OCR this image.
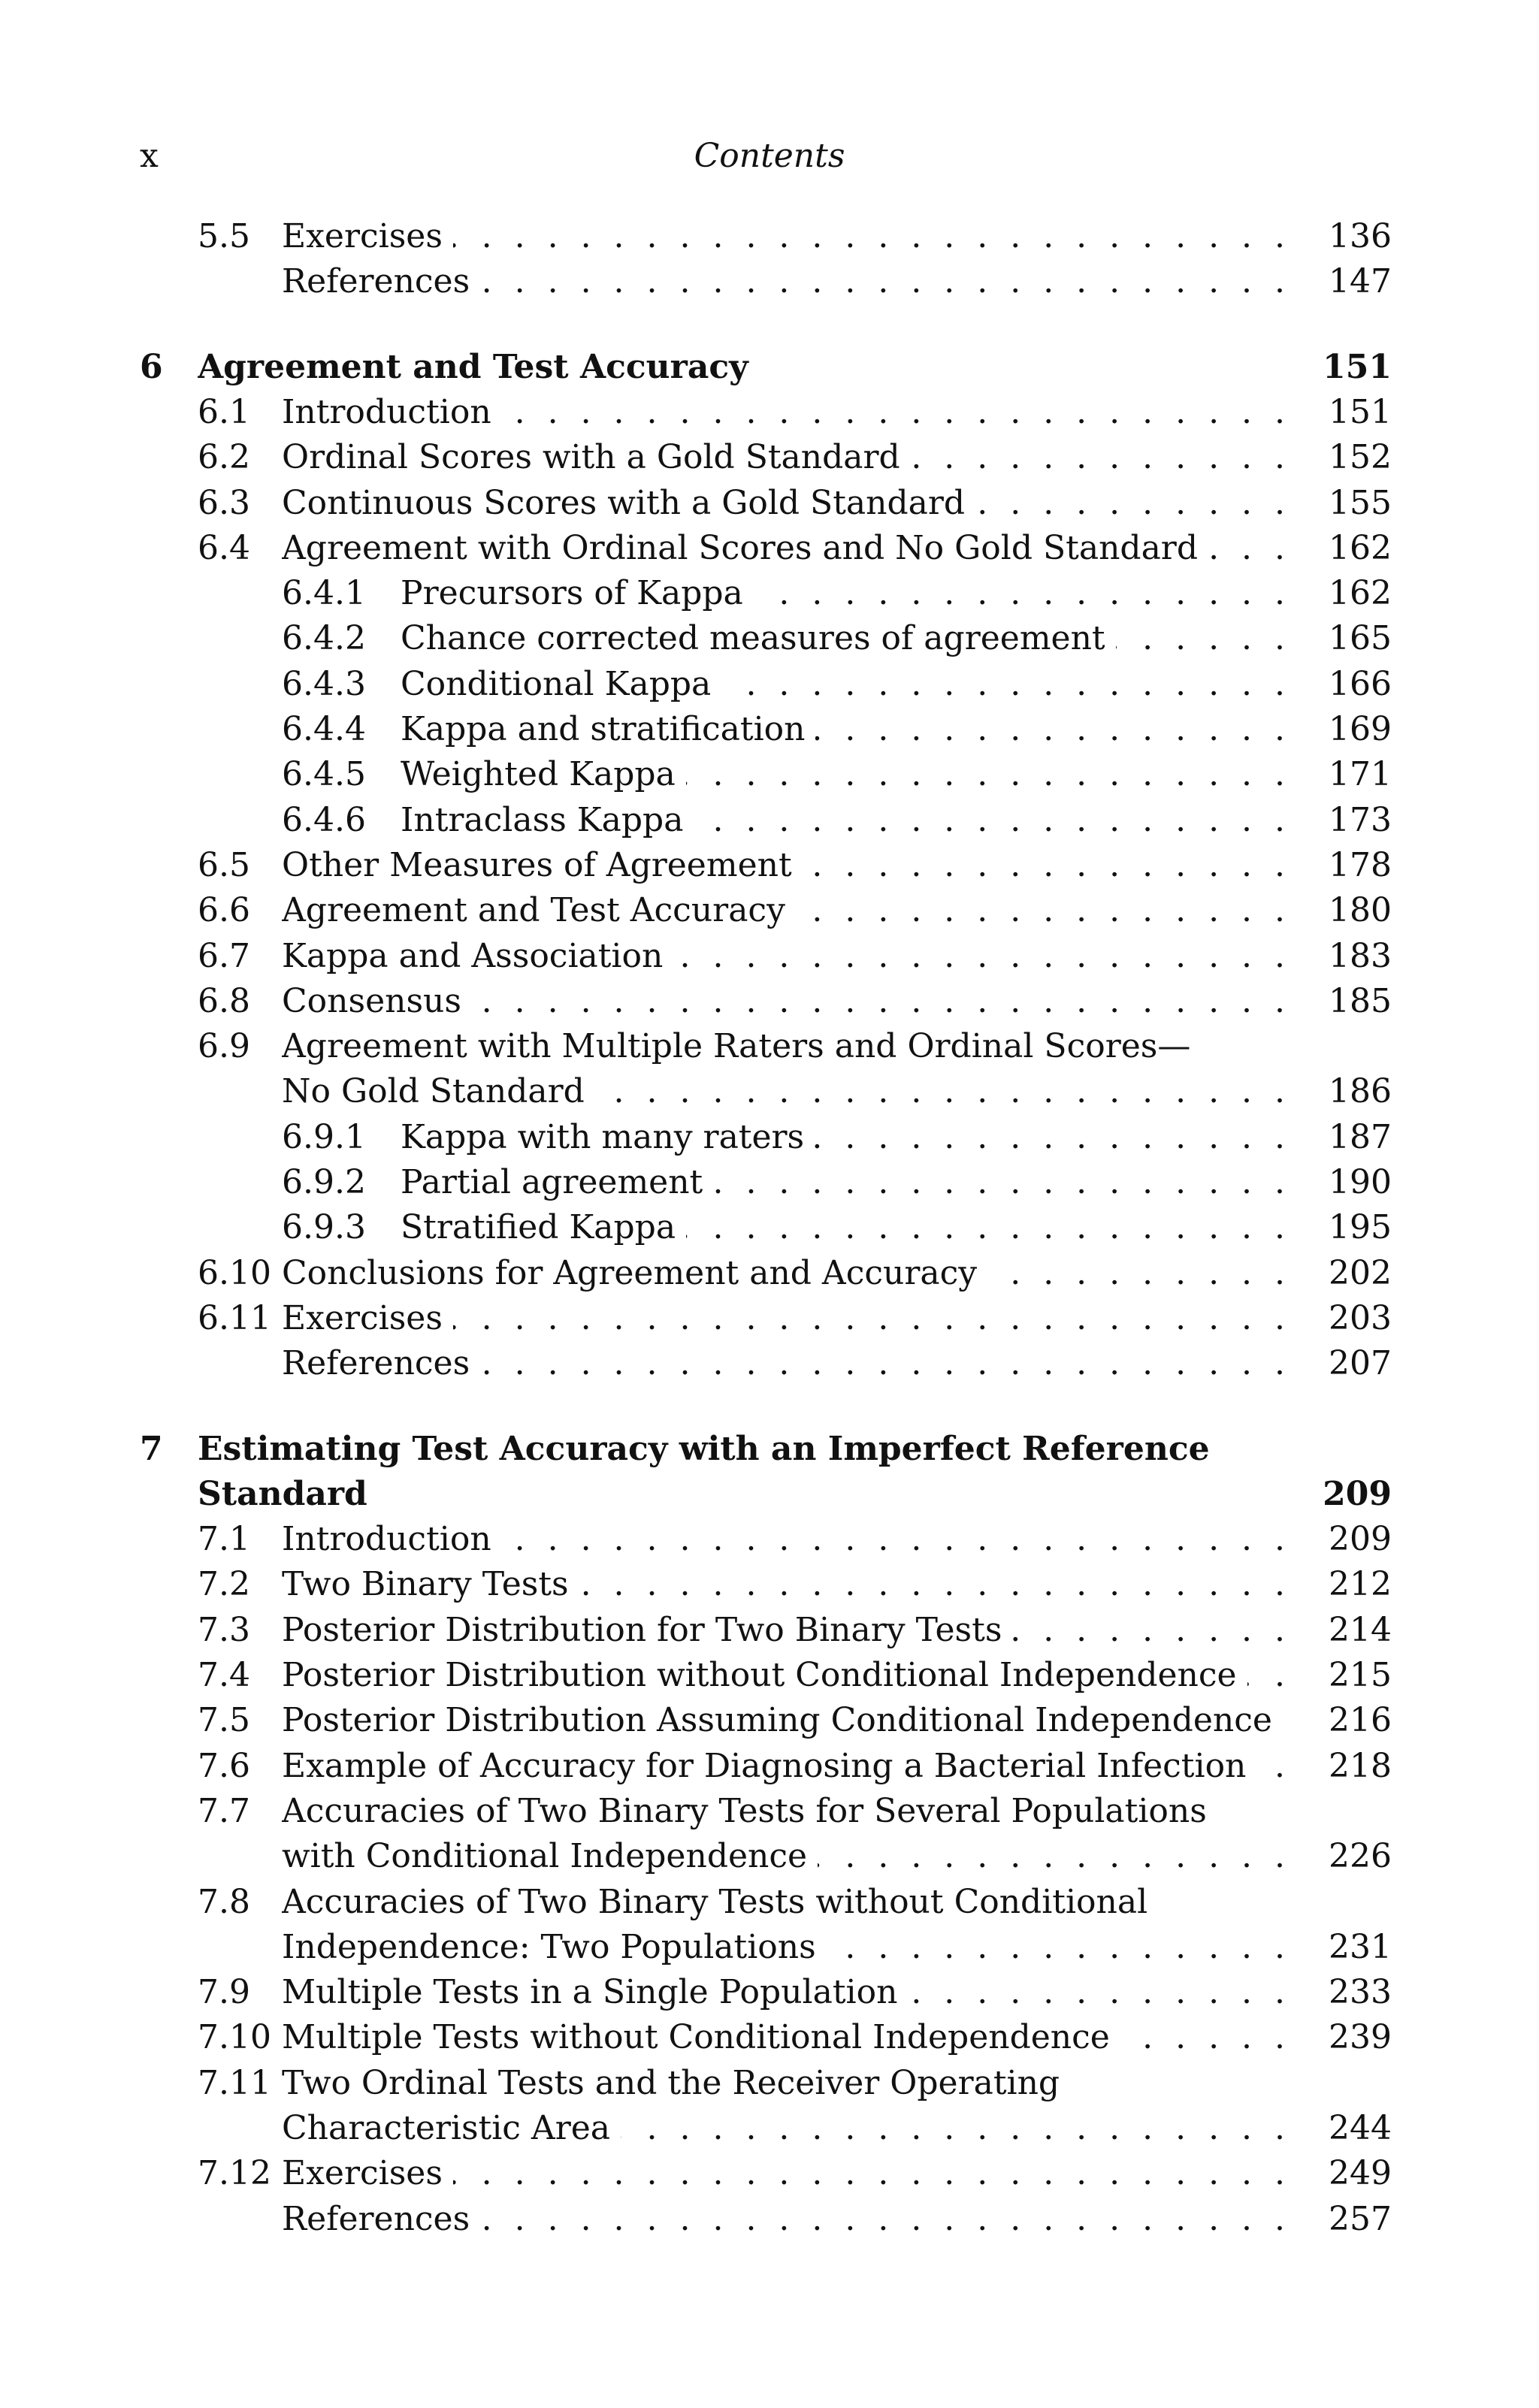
x	Contents
5.5 Exercises . . .	136
References . . .	147
6 Agreement and Test Accuracy	151
6.1 Introduction . . .	151
6.2 Ordinal Scores with a Gold Standard . . .	152
6.3 Continuous Scores with a Gold Standard . . .	155
6.4 Agreement with Ordinal Scores and No Gold Standard . . .	162
6.4.1 Precursors of Kappa . . .	162
6.4.2 Chance corrected measures of agreement . . .	165
6.4.3 Conditional Kappa . . .	166
6.4.4 Kappa and stratification . . .	169
6.4.5 Weighted Kappa . . .	171
6.4.6 Intraclass Kappa . . .	173
6.5 Other Measures of Agreement . . .	178
6.6 Agreement and Test Accuracy . . .	180
6.7 Kappa and Association . . .	183
6.8 Consensus . . .	185
6.9 Agreement with Multiple Raters and Ordinal Scores—
No Gold Standard . . .	186
6.9.1 Kappa with many raters . . .	187
6.9.2 Partial agreement . . .	190
6.9.3 Stratified Kappa . . .	195
6.10 Conclusions for Agreement and Accuracy . . .	202
6.11 Exercises . . .	203
References . . .	207
7 Estimating Test Accuracy with an Imperfect Reference
Standard	209
7.1 Introduction . . .	209
7.2 Two Binary Tests . . .	212
7.3 Posterior Distribution for Two Binary Tests . . .	214
7.4 Posterior Distribution without Conditional Independence . . .	215
7.5 Posterior Distribution Assuming Conditional Independence . . .	216
7.6 Example of Accuracy for Diagnosing a Bacterial Infection . . .	218
7.7 Accuracies of Two Binary Tests for Several Populations
with Conditional Independence . . .	226
7.8 Accuracies of Two Binary Tests without Conditional
Independence: Two Populations . . .	231
7.9 Multiple Tests in a Single Population . . .	233
7.10 Multiple Tests without Conditional Independence . . .	239
7.11 Two Ordinal Tests and the Receiver Operating
Characteristic Area . . .	244
7.12 Exercises . . .	249
References . . .	257
